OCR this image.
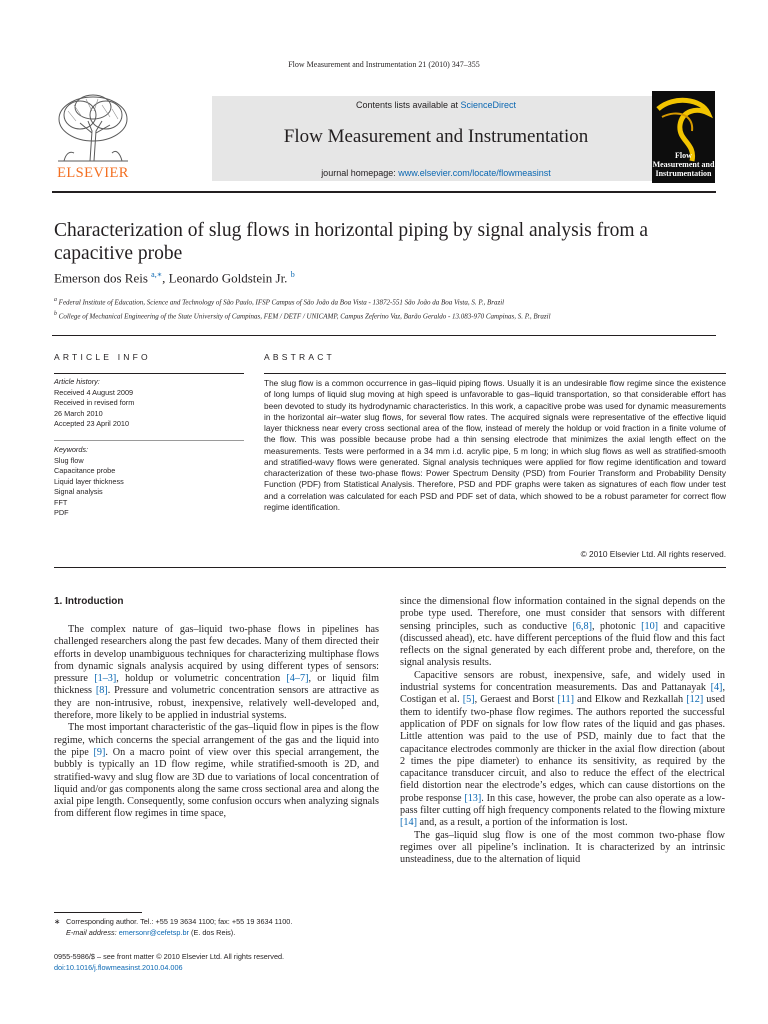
Flow Measurement and Instrumentation 21 (2010) 347–355
ELSEVIER
Contents lists available at ScienceDirect
Flow Measurement and Instrumentation
journal homepage: www.elsevier.com/locate/flowmeasinst
Flow Measurement and Instrumentation
Characterization of slug flows in horizontal piping by signal analysis from a capacitive probe
Emerson dos Reis $^{a,∗}$, Leonardo Goldstein Jr. $^b$
$^a$ Federal Institute of Education, Science and Technology of São Paulo, IFSP Campus of São João da Boa Vista - 13872-551 São João da Boa Vista, S. P., Brazil
$^b$ College of Mechanical Engineering of the State University of Campinas, FEM / DETF / UNICAMP, Campus Zeferino Vaz, Barão Geraldo - 13.083-970 Campinas, S. P., Brazil
ARTICLE INFO
Article history:
Received 4 August 2009
Received in revised form
26 March 2010
Accepted 23 April 2010
Keywords:
Slug flow
Capacitance probe
Liquid layer thickness
Signal analysis
FFT
PDF
ABSTRACT
The slug flow is a common occurrence in gas–liquid piping flows. Usually it is an undesirable flow regime since the existence of long lumps of liquid slug moving at high speed is unfavorable to gas–liquid transportation, so that considerable effort has been devoted to study its hydrodynamic characteristics. In this work, a capacitive probe was used for dynamic measurements in the horizontal air–water slug flows, for several flow rates. The acquired signals were representative of the effective liquid layer thickness near every cross sectional area of the flow, instead of merely the holdup or void fraction in a finite volume of the flow. This was possible because probe had a thin sensing electrode that minimizes the axial length effect on the measurements. Tests were performed in a 34 mm i.d. acrylic pipe, 5 m long; in which slug flows as well as stratified-smooth and stratified-wavy flows were generated. Signal analysis techniques were applied for flow regime identification and toward characterization of these two-phase flows: Power Spectrum Density (PSD) from Fourier Transform and Probability Density Function (PDF) from Statistical Analysis. Therefore, PSD and PDF graphs were taken as signatures of each flow under test and a correlation was calculated for each PSD and PDF set of data, which showed to be a robust parameter for correct flow regime identification.
© 2010 Elsevier Ltd. All rights reserved.
1. Introduction

The complex nature of gas–liquid two-phase flows in pipelines has challenged researchers along the past few decades. Many of them directed their efforts in develop unambiguous techniques for characterizing multiphase flows from dynamic signals analysis acquired by using different types of sensors: pressure [1–3], holdup or volumetric concentration [4–7], or liquid film thickness [8]. Pressure and volumetric concentration sensors are attractive as they are non-intrusive, robust, inexpensive, relatively well-developed and, therefore, more likely to be applied in industrial systems.

The most important characteristic of the gas–liquid flow in pipes is the flow regime, which concerns the special arrangement of the gas and the liquid into the pipe [9]. On a macro point of view over this special arrangement, the bubbly is typically an 1D flow regime, while stratified-smooth is 2D, and stratified-wavy and slug flow are 3D due to variations of local concentration of liquid and/or gas components along the same cross sectional area and along the axial pipe length. Consequently, some confusion occurs when analyzing signals from different flow regimes in time space,

since the dimensional flow information contained in the signal depends on the probe type used. Therefore, one must consider that sensors with different sensing principles, such as conductive [6,8], photonic [10] and capacitive (discussed ahead), etc. have different perceptions of the fluid flow and this fact reflects on the signal generated by each different probe and, therefore, on the signal analysis results.

Capacitive sensors are robust, inexpensive, safe, and widely used in industrial systems for concentration measurements. Das and Pattanayak [4], Costigan et al. [5], Geraest and Borst [11] and Elkow and Rezkallah [12] used them to identify two-phase flow regimes. The authors reported the successful application of PDF on signals for low flow rates of the liquid and gas phases. Little attention was paid to the use of PSD, mainly due to fact that the capacitance electrodes commonly are thicker in the axial flow direction (about 2 times the pipe diameter) to enhance its sensitivity, as required by the capacitance transducer circuit, and also to reduce the effect of the electrical field distortion near the electrode’s edges, which can cause distortions on the probe response [13]. In this case, however, the probe can also operate as a low-pass filter cutting off high frequency components related to the flowing mixture [14] and, as a result, a portion of the information is lost.

The gas–liquid slug flow is one of the most common two-phase flow regimes over all pipeline’s inclination. It is characterized by an intrinsic unsteadiness, due to the alternation of liquid

∗ Corresponding author. Tel.: +55 19 3634 1100; fax: +55 19 3634 1100.
E-mail address: emersonr@cefetsp.br (E. dos Reis).
0955-5986/$ – see front matter © 2010 Elsevier Ltd. All rights reserved.
doi:10.1016/j.flowmeasinst.2010.04.006
